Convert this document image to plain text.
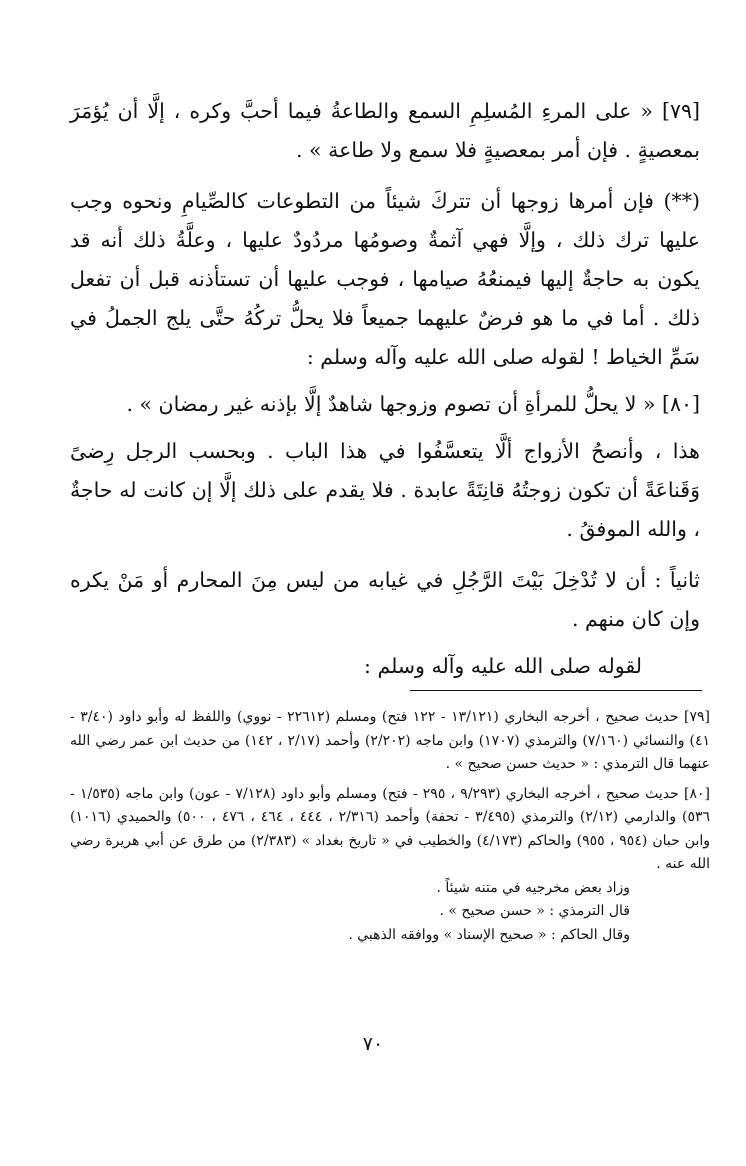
[٧٩] « على المرءِ المُسلِمِ السمع والطاعةُ فيما أحبَّ وكره ، إلَّا أن يُؤمَرَ بمعصيةٍ . فإن أمر بمعصيةٍ فلا سمع ولا طاعة » .

(**) فإن أمرها زوجها أن تتركَ شيئاً من التطوعات كالصِّيامِ ونحوه وجب عليها ترك ذلك ، وإلَّا فهي آثمةٌ وصومُها مردُودٌ عليها ، وعلَّةُ ذلك أنه قد يكون به حاجةٌ إليها فيمنعُهُ صيامها ، فوجب عليها أن تستأذنه قبل أن تفعل ذلك . أما في ما هو فرضٌ عليهما جميعاً فلا يحلُّ تركُهُ حتَّى يلج الجملُ في سَمِّ الخياط ! لقوله صلى الله عليه وآله وسلم :

[٨٠] « لا يحلُّ للمرأةِ أن تصوم وزوجها شاهدٌ إلَّا بإذنه غير رمضان » .

هذا ، وأنصحُ الأزواج ألَّا يتعسَّفُوا في هذا الباب . وبحسب الرجل رِضىً وَقَناعَةً أن تكون زوجتُهُ قانِتَةً عابدة . فلا يقدم على ذلك إلَّا إن كانت له حاجةٌ ، والله الموفقُ .

ثانياً : أن لا تُدْخِلَ بَيْتَ الرَّجُلِ في غيابه من ليس مِنَ المحارم أو مَنْ يكره وإن كان منهم .

لقوله صلى الله عليه وآله وسلم :

[٧٩] حديث صحيح ، أخرجه البخاري (١٣/١٢١ - ١٢٢ فتح) ومسلم (٢٢٦١٢ - نووي) واللفظ له وأبو داود (٣/٤٠ - ٤١) والنسائي (٧/١٦٠) والترمذي (١٧٠٧) وابن ماجه (٢/٢٠٢) وأحمد (٢/١٧ ، ١٤٢) من حديث ابن عمر رضي الله عنهما قال الترمذي : « حديث حسن صحيح » .

[٨٠] حديث صحيح ، أخرجه البخاري (٩/٢٩٣ ، ٢٩٥ - فتح) ومسلم وأبو داود (٧/١٢٨ - عون) وابن ماجه (١/٥٣٥ - ٥٣٦) والدارمي (٢/١٢) والترمذي (٣/٤٩٥ - تحفة) وأحمد (٢/٣١٦ ، ٤٤٤ ، ٤٦٤ ، ٤٧٦ ، ٥٠٠) والحميدي (١٠١٦) وابن حبان (٩٥٤ ، ٩٥٥) والحاكم (٤/١٧٣) والخطيب في « تاريخ بغداد » (٢/٣٨٣) من طرق عن أبي هريرة رضي الله عنه .

وزاد بعض مخرجيه في متنه شيئاً .

قال الترمذي : « حسن صحيح » .

وقال الحاكم : « صحيح الإسناد » ووافقه الذهبي .

٧٠
